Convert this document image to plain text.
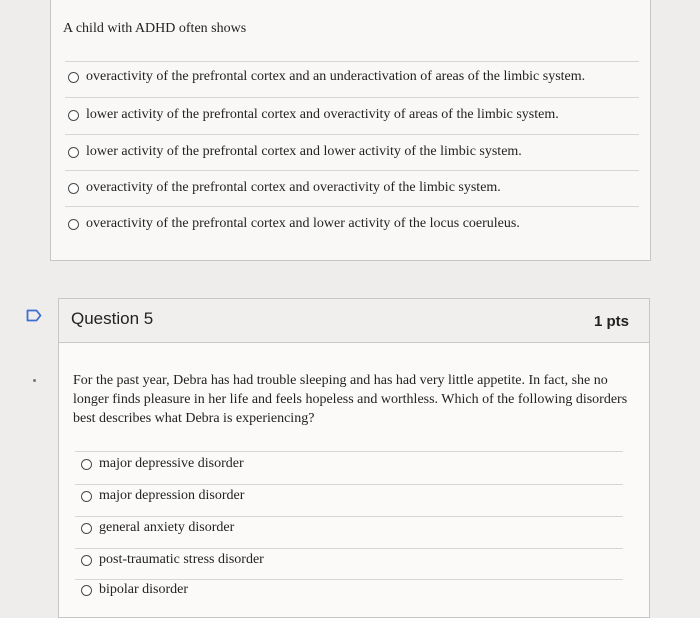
A child with ADHD often shows
overactivity of the prefrontal cortex and an underactivation of areas of the limbic system.
lower activity of the prefrontal cortex and overactivity of areas of the limbic system.
lower activity of the prefrontal cortex and lower activity of the limbic system.
overactivity of the prefrontal cortex and overactivity of the limbic system.
overactivity of the prefrontal cortex and lower activity of the locus coeruleus.
Question 5	1 pts
For the past year, Debra has had trouble sleeping and has had very little appetite. In fact, she no
longer finds pleasure in her life and feels hopeless and worthless. Which of the following disorders
best describes what Debra is experiencing?
major depressive disorder
major depression disorder
general anxiety disorder
post-traumatic stress disorder
bipolar disorder
